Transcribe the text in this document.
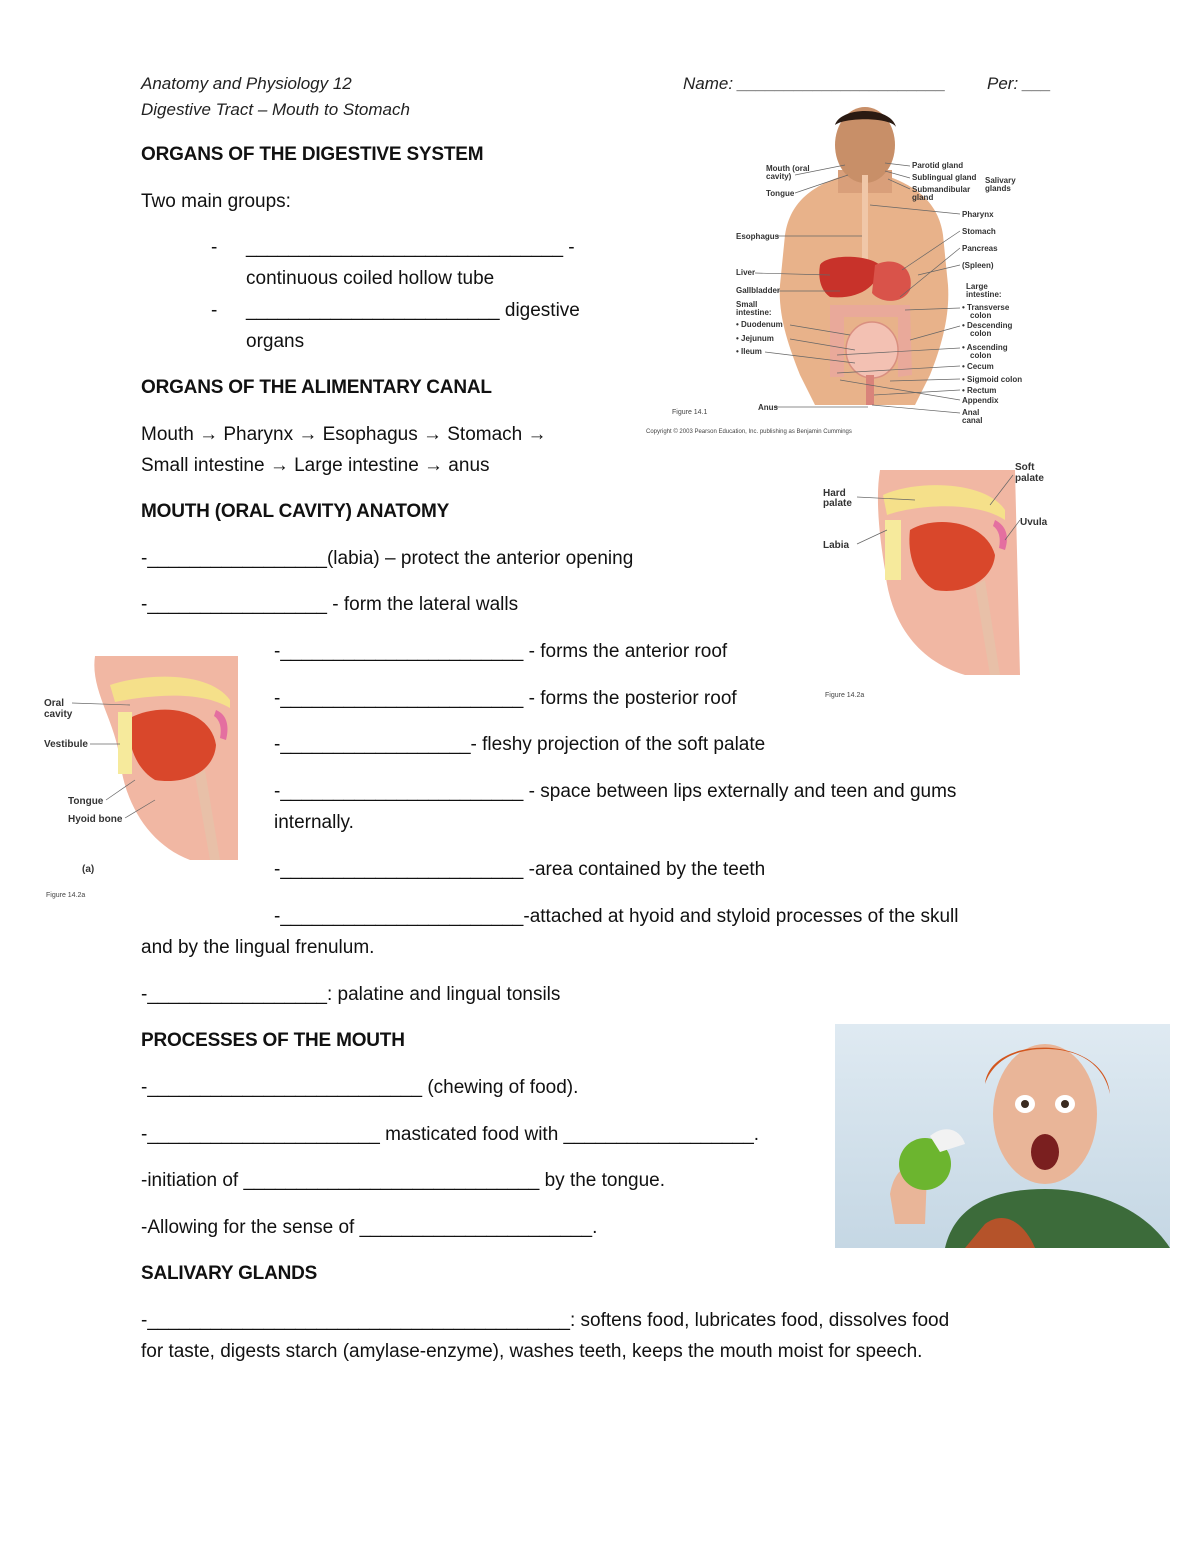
Anatomy and Physiology 12
Digestive Tract – Mouth to Stomach
Name: ______________________ Per: ___
ORGANS OF THE DIGESTIVE SYSTEM
Two main groups:
- ______________________________ -
continuous coiled hollow tube
- ________________________ digestive
organs
ORGANS OF THE ALIMENTARY CANAL
Mouth → Pharynx → Esophagus → Stomach →
Small intestine → Large intestine → anus
MOUTH (ORAL CAVITY) ANATOMY
-_________________(labia) – protect the anterior opening
-_________________ - form the lateral walls
-_______________________ - forms the anterior roof
-_______________________ - forms the posterior roof
-__________________- fleshy projection of the soft palate
-_______________________ - space between lips externally and teen and gums
internally.
-_______________________ -area contained by the teeth
-_______________________-attached at hyoid and styloid processes of the skull
and by the lingual frenulum.
-_________________: palatine and lingual tonsils
PROCESSES OF THE MOUTH
-__________________________ (chewing of food).
-______________________ masticated food with __________________.
-initiation of ____________________________ by the tongue.
-Allowing for the sense of ______________________.
SALIVARY GLANDS
-________________________________________: softens food, lubricates food, dissolves food
for taste, digests starch (amylase-enzyme), washes teeth, keeps the mouth moist for speech.
Mouth (oral
cavity)
Tongue
Esophagus
Liver
Gallbladder
Small
intestine:
• Duodenum
• Jejunum
• Ileum
Anus
Parotid gland
Sublingual gland
Submandibular
gland
Salivary
glands
Pharynx
Stomach
Pancreas
(Spleen)
Large
intestine:
• Transverse
colon
• Descending
colon
• Ascending
colon
• Cecum
• Sigmoid colon
• Rectum
Appendix
Anal
canal
Figure 14.1
Copyright © 2003 Pearson Education, Inc. publishing as Benjamin Cummings
Soft
palate
Hard
palate
Uvula
Labia
Figure 14.2a
Oral
cavity
Vestibule
Tongue
Hyoid bone
(a)
Figure 14.2a
